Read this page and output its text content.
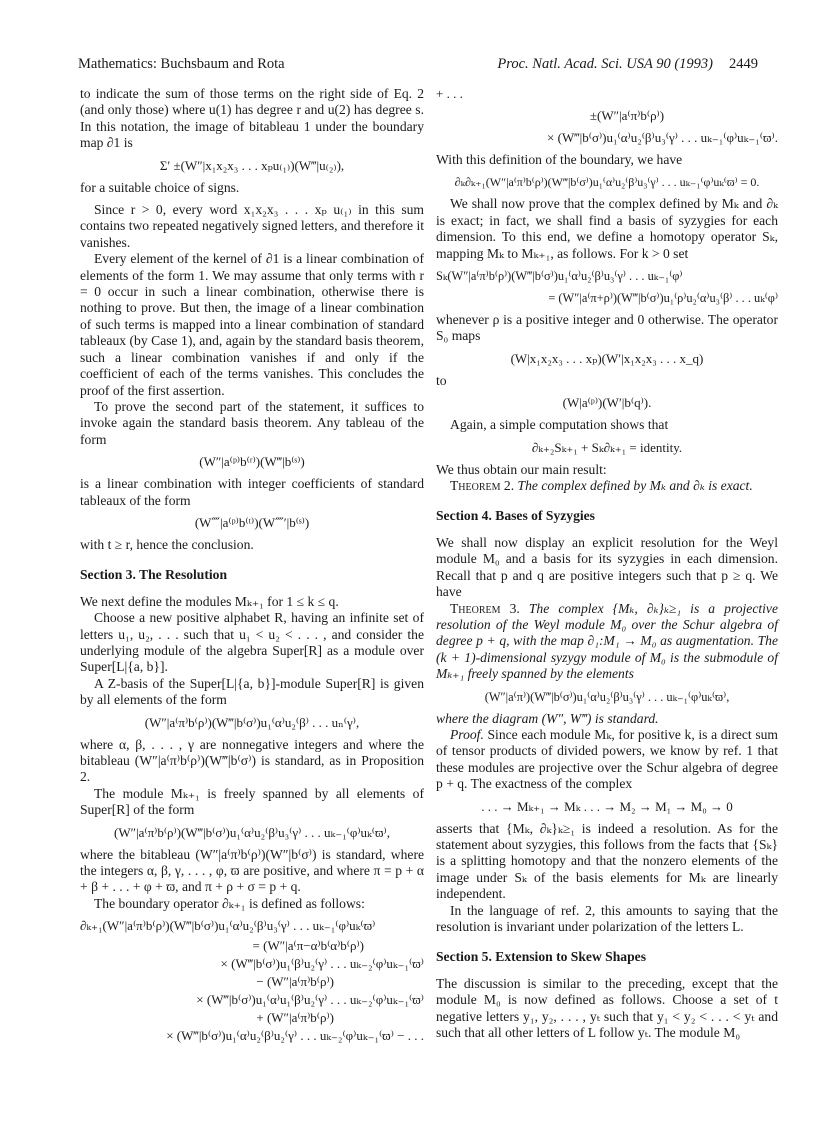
Mathematics: Buchsbaum and Rota	Proc. Natl. Acad. Sci. USA 90 (1993) 2449

to indicate the sum of those terms on the right side of Eq. 2 (and only those) where u(1) has degree r and u(2) has degree s. In this notation, the image of bitableau 1 under the boundary map ∂1 is

Σ′ ±(W″|x₁x₂x₃ . . . xₚu₍₁₎)(W‴|u₍₂₎),

for a suitable choice of signs.

Since r > 0, every word x₁x₂x₃ . . . xₚ u₍₁₎ in this sum contains two repeated negatively signed letters, and therefore it vanishes.

Every element of the kernel of ∂1 is a linear combination of elements of the form 1. We may assume that only terms with r = 0 occur in such a linear combination, otherwise there is nothing to prove. But then, the image of a linear combination of such terms is mapped into a linear combination of standard tableaux (by Case 1), and, again by the standard basis theorem, such a linear combination vanishes if and only if the coefficient of each of the terms vanishes. This concludes the proof of the first assertion.

To prove the second part of the statement, it suffices to invoke again the standard basis theorem. Any tableau of the form

(W″|a⁽ᵖ⁾b⁽ʳ⁾)(W‴|b⁽ˢ⁾)

is a linear combination with integer coefficients of standard tableaux of the form

(W⁗|a⁽ᵖ⁾b⁽ᵗ⁾)(W⁗′|b⁽ˢ⁾)

with t ≥ r, hence the conclusion.

Section 3. The Resolution

We next define the modules Mₖ₊₁ for 1 ≤ k ≤ q.

Choose a new positive alphabet R, having an infinite set of letters u₁, u₂, . . . such that u₁ < u₂ < . . . , and consider the underlying module of the algebra Super[R] as a module over Super[L|{a, b}].

A Z-basis of the Super[L|{a, b}]-module Super[R] is given by all elements of the form

(W″|a⁽π⁾b⁽ρ⁾)(W‴|b⁽σ⁾)u₁⁽α⁾u₂⁽β⁾ . . . uₙ⁽γ⁾,

where α, β, . . . , γ are nonnegative integers and where the bitableau (W″|a⁽π⁾b⁽ρ⁾)(W‴|b⁽σ⁾) is standard, as in Proposition 2.

The module Mₖ₊₁ is freely spanned by all elements of Super[R] of the form

(W″|a⁽π⁾b⁽ρ⁾)(W‴|b⁽σ⁾)u₁⁽α⁾u₂⁽β⁾u₃⁽γ⁾ . . . uₖ₋₁⁽φ⁾uₖ⁽ϖ⁾,

where the bitableau (W″|a⁽π⁾b⁽ρ⁾)(W″|b⁽σ⁾) is standard, where the integers α, β, γ, . . . , φ, ϖ are positive, and where π = p + α + β + . . . + φ + ϖ, and π + ρ + σ = p + q.

The boundary operator ∂ₖ₊₁ is defined as follows:

∂ₖ₊₁(W″|a⁽π⁾b⁽ρ⁾)(W‴|b⁽σ⁾)u₁⁽α⁾u₂⁽β⁾u₃⁽γ⁾ . . . uₖ₋₁⁽φ⁾uₖ⁽ϖ⁾
= (W″|a⁽π−α⁾b⁽α⁾b⁽ρ⁾)
× (W‴|b⁽σ⁾)u₁⁽β⁾u₂⁽γ⁾ . . . uₖ₋₂⁽φ⁾uₖ₋₁⁽ϖ⁾
− (W″|a⁽π⁾b⁽ρ⁾)
× (W‴|b⁽σ⁾)u₁⁽α⁾u₁⁽β⁾u₂⁽γ⁾ . . . uₖ₋₂⁽φ⁾uₖ₋₁⁽ϖ⁾
+ (W″|a⁽π⁾b⁽ρ⁾)
× (W‴|b⁽σ⁾)u₁⁽α⁾u₂⁽β⁾u₂⁽γ⁾ . . . uₖ₋₂⁽φ⁾uₖ₋₁⁽ϖ⁾ − . . .
+ . . .
±(W″|a⁽π⁾b⁽ρ⁾)
× (W‴|b⁽σ⁾)u₁⁽α⁾u₂⁽β⁾u₃⁽γ⁾ . . . uₖ₋₁⁽φ⁾uₖ₋₁⁽ϖ⁾.

With this definition of the boundary, we have

∂ₖ∂ₖ₊₁(W″|a⁽π⁾b⁽ρ⁾)(W‴|b⁽σ⁾)u₁⁽α⁾u₂⁽β⁾u₃⁽γ⁾ . . . uₖ₋₁⁽φ⁾uₖ⁽ϖ⁾ = 0.

We shall now prove that the complex defined by Mₖ and ∂ₖ is exact; in fact, we shall find a basis of syzygies for each dimension. To this end, we define a homotopy operator Sₖ, mapping Mₖ to Mₖ₊₁, as follows. For k > 0 set

Sₖ(W″|a⁽π⁾b⁽ρ⁾)(W‴|b⁽σ⁾)u₁⁽α⁾u₂⁽β⁾u₃⁽γ⁾ . . . uₖ₋₁⁽φ⁾
= (W″|a⁽π+ρ⁾)(W‴|b⁽σ⁾)u₁⁽ρ⁾u₂⁽α⁾u₃⁽β⁾ . . . uₖ⁽φ⁾

whenever ρ is a positive integer and 0 otherwise. The operator S₀ maps

(W|x₁x₂x₃ . . . xₚ)(W′|x₁x₂x₃ . . . x_q)

to

(W|a⁽ᵖ⁾)(W′|b⁽q⁾).

Again, a simple computation shows that

∂ₖ₊₂Sₖ₊₁ + Sₖ∂ₖ₊₁ = identity.

We thus obtain our main result:

Theorem 2. The complex defined by Mₖ and ∂ₖ is exact.

Section 4. Bases of Syzygies

We shall now display an explicit resolution for the Weyl module M₀ and a basis for its syzygies in each dimension. Recall that p and q are positive integers such that p ≥ q. We have

Theorem 3. The complex {Mₖ, ∂ₖ}ₖ≥₁ is a projective resolution of the Weyl module M₀ over the Schur algebra of degree p + q, with the map ∂₁:M₁ → M₀ as augmentation. The (k + 1)-dimensional syzygy module of M₀ is the submodule of Mₖ₊₁ freely spanned by the elements

(W″|a⁽π⁾)(W‴|b⁽σ⁾)u₁⁽α⁾u₂⁽β⁾u₃⁽γ⁾ . . . uₖ₋₁⁽φ⁾uₖ⁽ϖ⁾,

where the diagram (W″, W‴) is standard.

Proof. Since each module Mₖ, for positive k, is a direct sum of tensor products of divided powers, we know by ref. 1 that these modules are projective over the Schur algebra of degree p + q. The exactness of the complex

. . . → Mₖ₊₁ → Mₖ . . . → M₂ → M₁ → M₀ → 0

asserts that {Mₖ, ∂ₖ}ₖ≥₁ is indeed a resolution. As for the statement about syzygies, this follows from the facts that {Sₖ} is a splitting homotopy and that the nonzero elements of the image under Sₖ of the basis elements for Mₖ are linearly independent.

In the language of ref. 2, this amounts to saying that the resolution is invariant under polarization of the letters L.

Section 5. Extension to Skew Shapes

The discussion is similar to the preceding, except that the module M₀ is now defined as follows. Choose a set of t negative letters y₁, y₂, . . . , yₜ such that y₁ < y₂ < . . . < yₜ and such that all other letters of L follow yₜ. The module M₀
